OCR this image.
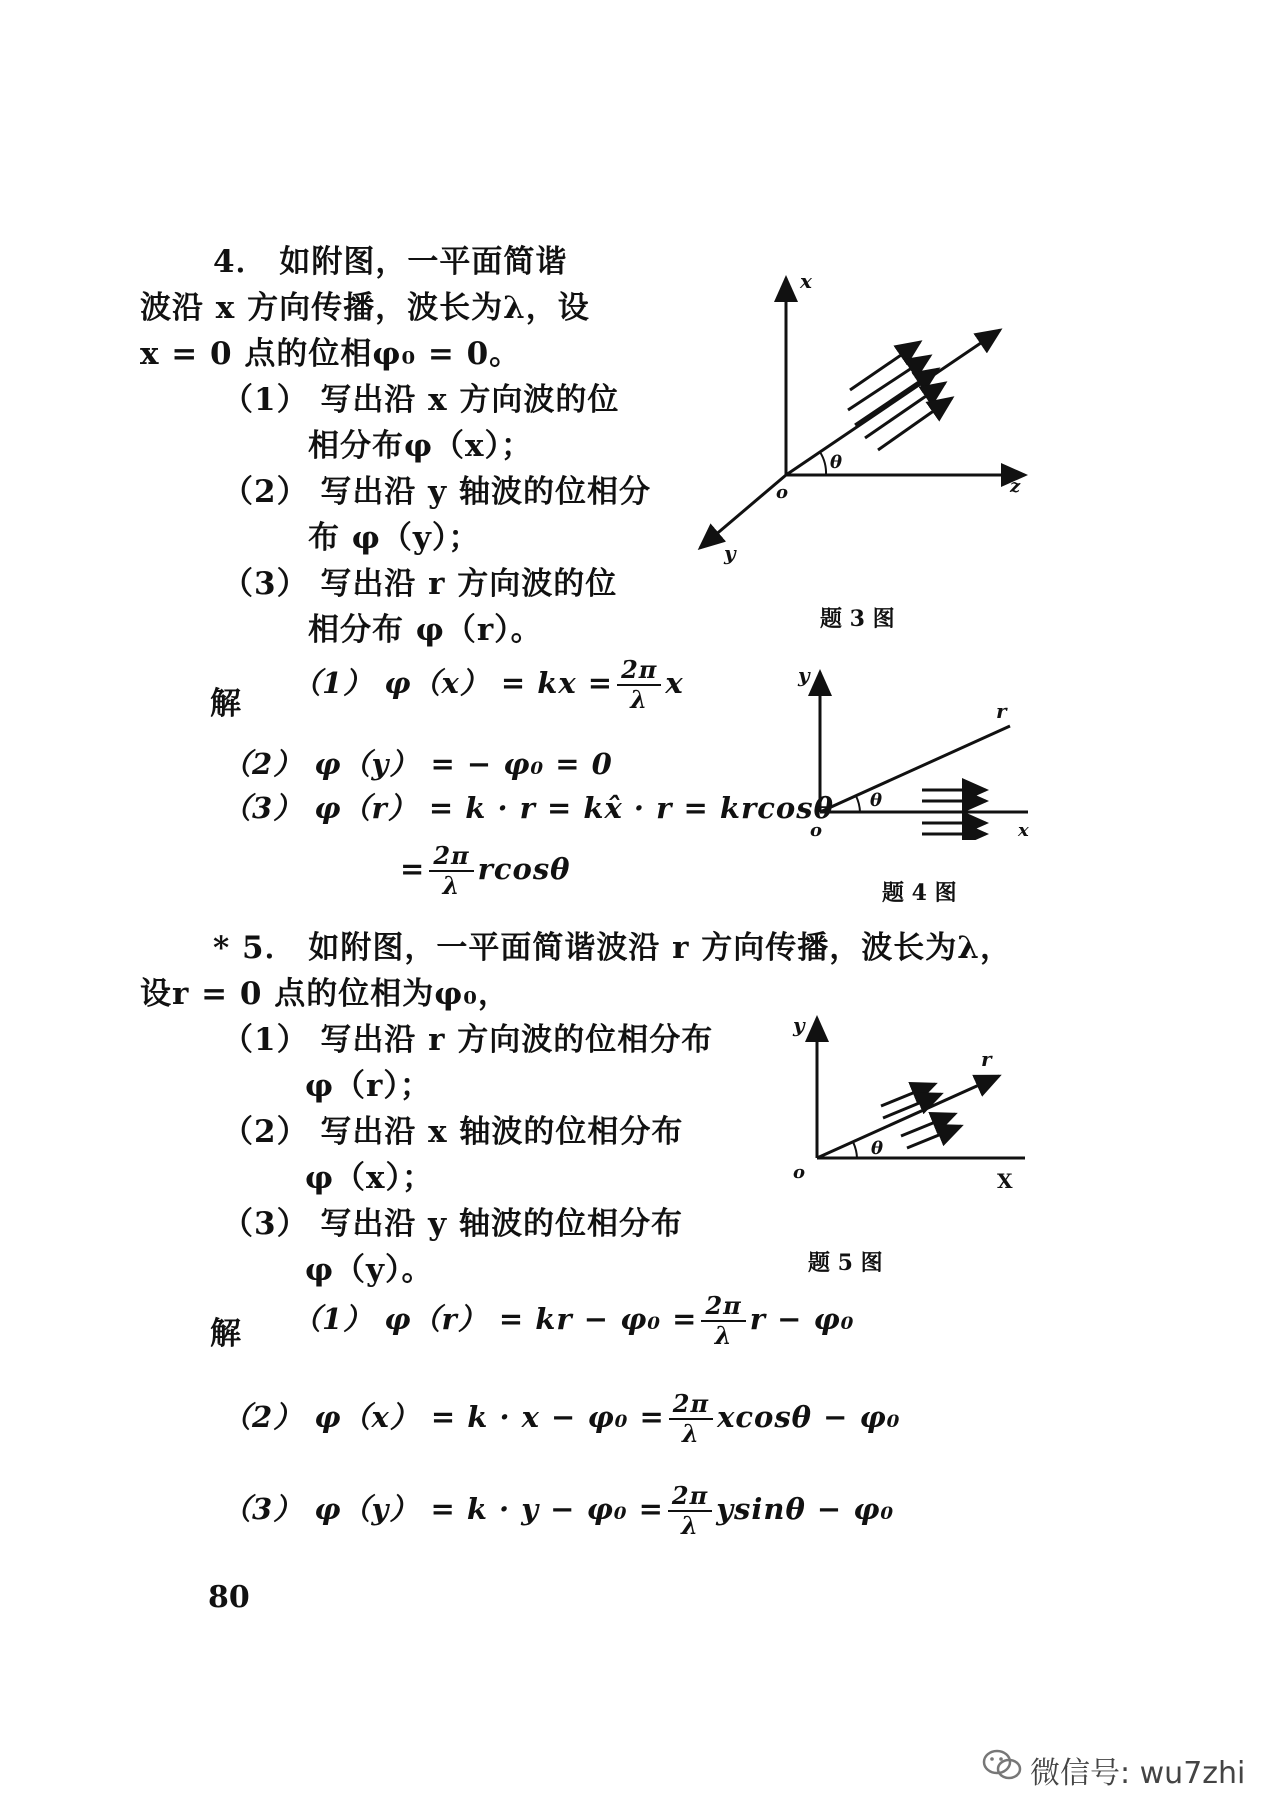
4． 如附图，一平面简谐
波沿 x 方向传播，波长为λ，设
x = 0 点的位相φ₀ = 0。
（1） 写出沿 x 方向波的位
相分布φ（x）；
（2） 写出沿 y 轴波的位相分
布 φ（y）；
（3） 写出沿 r 方向波的位
相分布 φ（r）。
x
z
y
o
θ
题 3 图
解
（1） φ（x） = kx = $\frac{2\pi}{\lambda}$ x
（2） φ（y） = − φ₀ = 0
（3） φ（r） = k · r = kx̂ · r = krcosθ
= $\frac{2\pi}{\lambda}$ rcosθ
y
r
x
o
θ
题 4 图
* 5． 如附图，一平面简谐波沿 r 方向传播，波长为λ，
设r = 0 点的位相为φ₀，
（1） 写出沿 r 方向波的位相分布
φ（r）；
（2） 写出沿 x 轴波的位相分布
φ（x）；
（3） 写出沿 y 轴波的位相分布
φ（y）。
y
r
X
o
θ
题 5 图
解 （1） φ（r） = kr − $\varphi_0 = \frac{2\pi}{\lambda}$ r − φ₀
（2） $\varphi(x) = k \cdot x - \varphi_0 = \frac{2\pi}{\lambda}$ xcosθ − φ₀
（3） $\varphi(y) = k \cdot y - \varphi_0 = \frac{2\pi}{\lambda}$ ysinθ − φ₀
80
微信号: wu7zhi
